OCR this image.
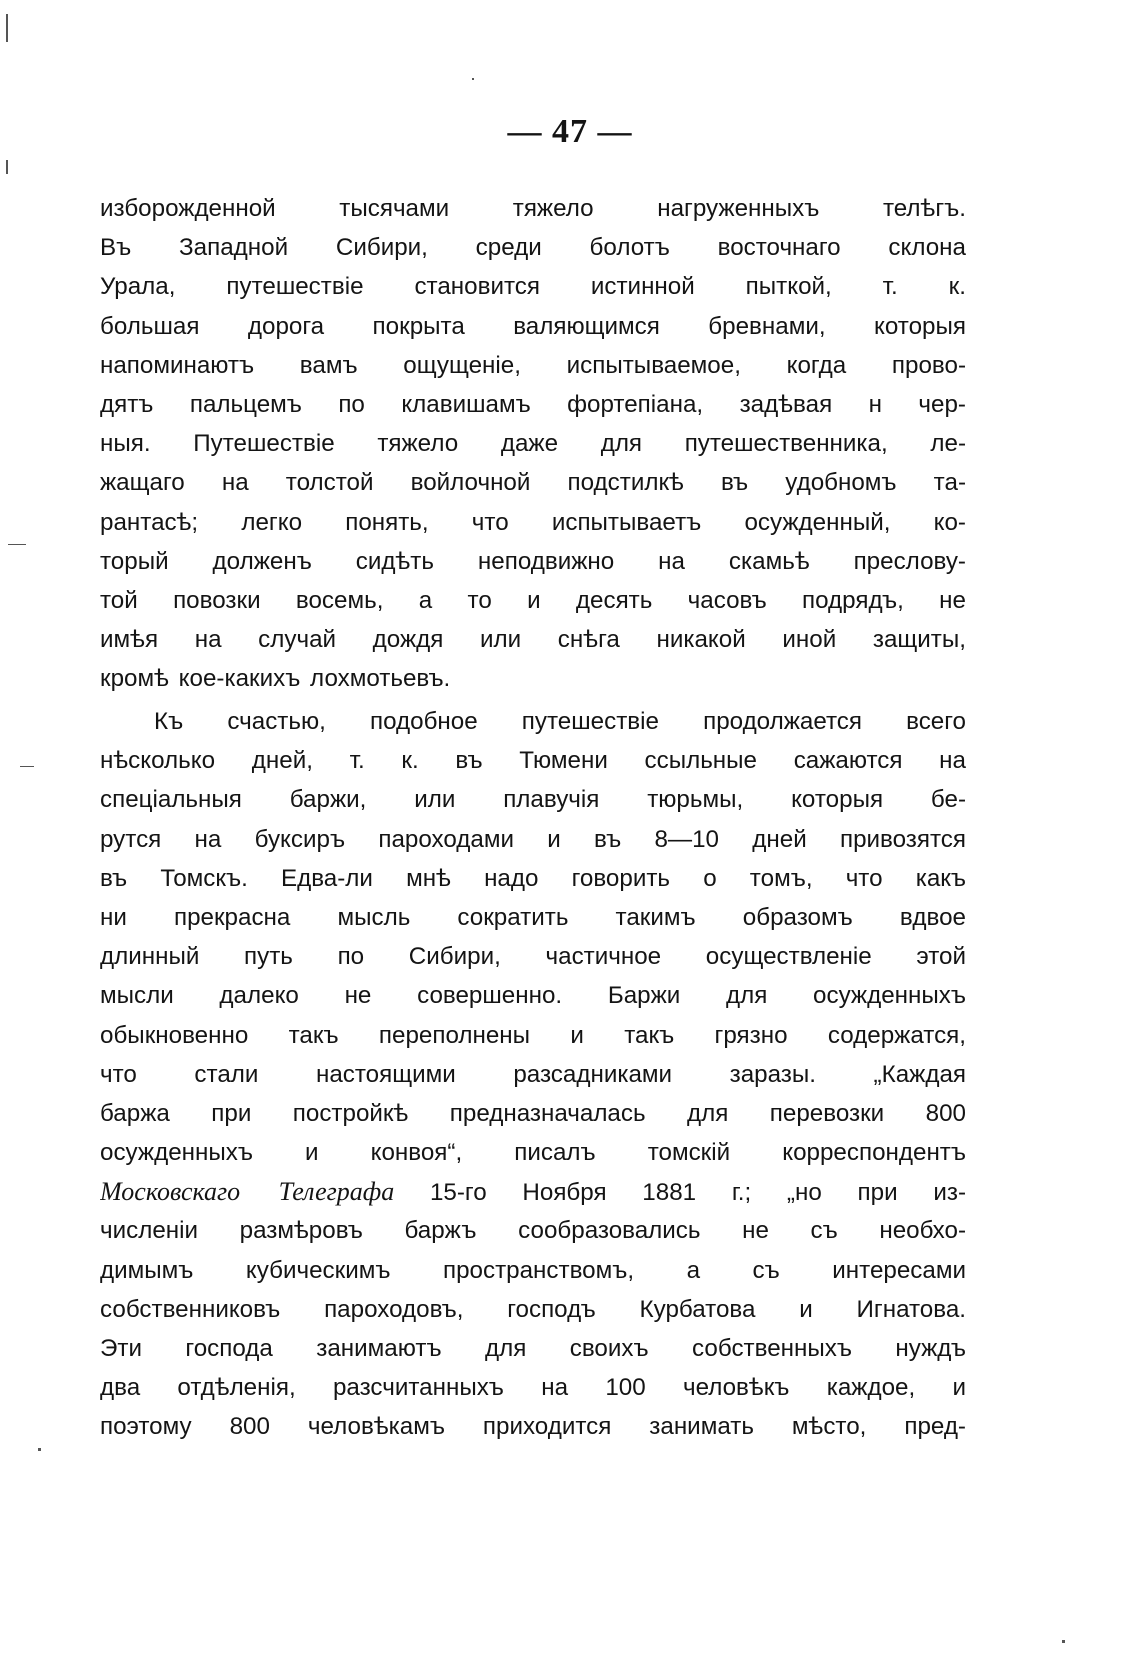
— 47 —
изборожденной тысячами тяжело нагруженныхъ телѣгъ.
Въ Западной Сибири, среди болотъ восточнаго склона
Урала, путешествіе становится истинной пыткой, т. к.
большая дорога покрыта валяющимся бревнами, которыя
напоминаютъ вамъ ощущеніе, испытываемое, когда прово-
дятъ пальцемъ по клавишамъ фортепіана, задѣвая н чер-
ныя. Путешествіе тяжело даже для путешественника, ле-
жащаго на толстой войлочной подстилкѣ въ удобномъ та-
рантасѣ; легко понять, что испытываетъ осужденный, ко-
торый долженъ сидѣть неподвижно на скамьѣ преслову-
той повозки восемь, а то и десять часовъ подрядъ, не
имѣя на случай дождя или снѣга никакой иной защиты,
кромѣ кое-какихъ лохмотьевъ.
Къ счастью, подобное путешествіе продолжается всего
нѣсколько дней, т. к. въ Тюмени ссыльные сажаются на
спеціальныя баржи, или плавучія тюрьмы, которыя бе-
рутся на буксиръ пароходами и въ 8—10 дней привозятся
въ Томскъ. Едва-ли мнѣ надо говорить о томъ, что какъ
ни прекрасна мысль сократить такимъ образомъ вдвое
длинный путь по Сибири, частичное осуществленіе этой
мысли далеко не совершенно. Баржи для осужденныхъ
обыкновенно такъ переполнены и такъ грязно содержатся,
что стали настоящими разсадниками заразы. „Каждая
баржа при постройкѣ предназначалась для перевозки 800
осужденныхъ и конвоя“, писалъ томскій корреспондентъ
Московскаго Телеграфа 15-го Ноября 1881 г.; „но при из-
численіи размѣровъ баржъ сообразовались не съ необхо-
димымъ кубическимъ пространствомъ, а съ интересами
собственниковъ пароходовъ, господъ Курбатова и Игнатова.
Эти господа занимаютъ для своихъ собственныхъ нуждъ
два отдѣленія, разсчитанныхъ на 100 человѣкъ каждое, и
поэтому 800 человѣкамъ приходится занимать мѣсто, пред-
